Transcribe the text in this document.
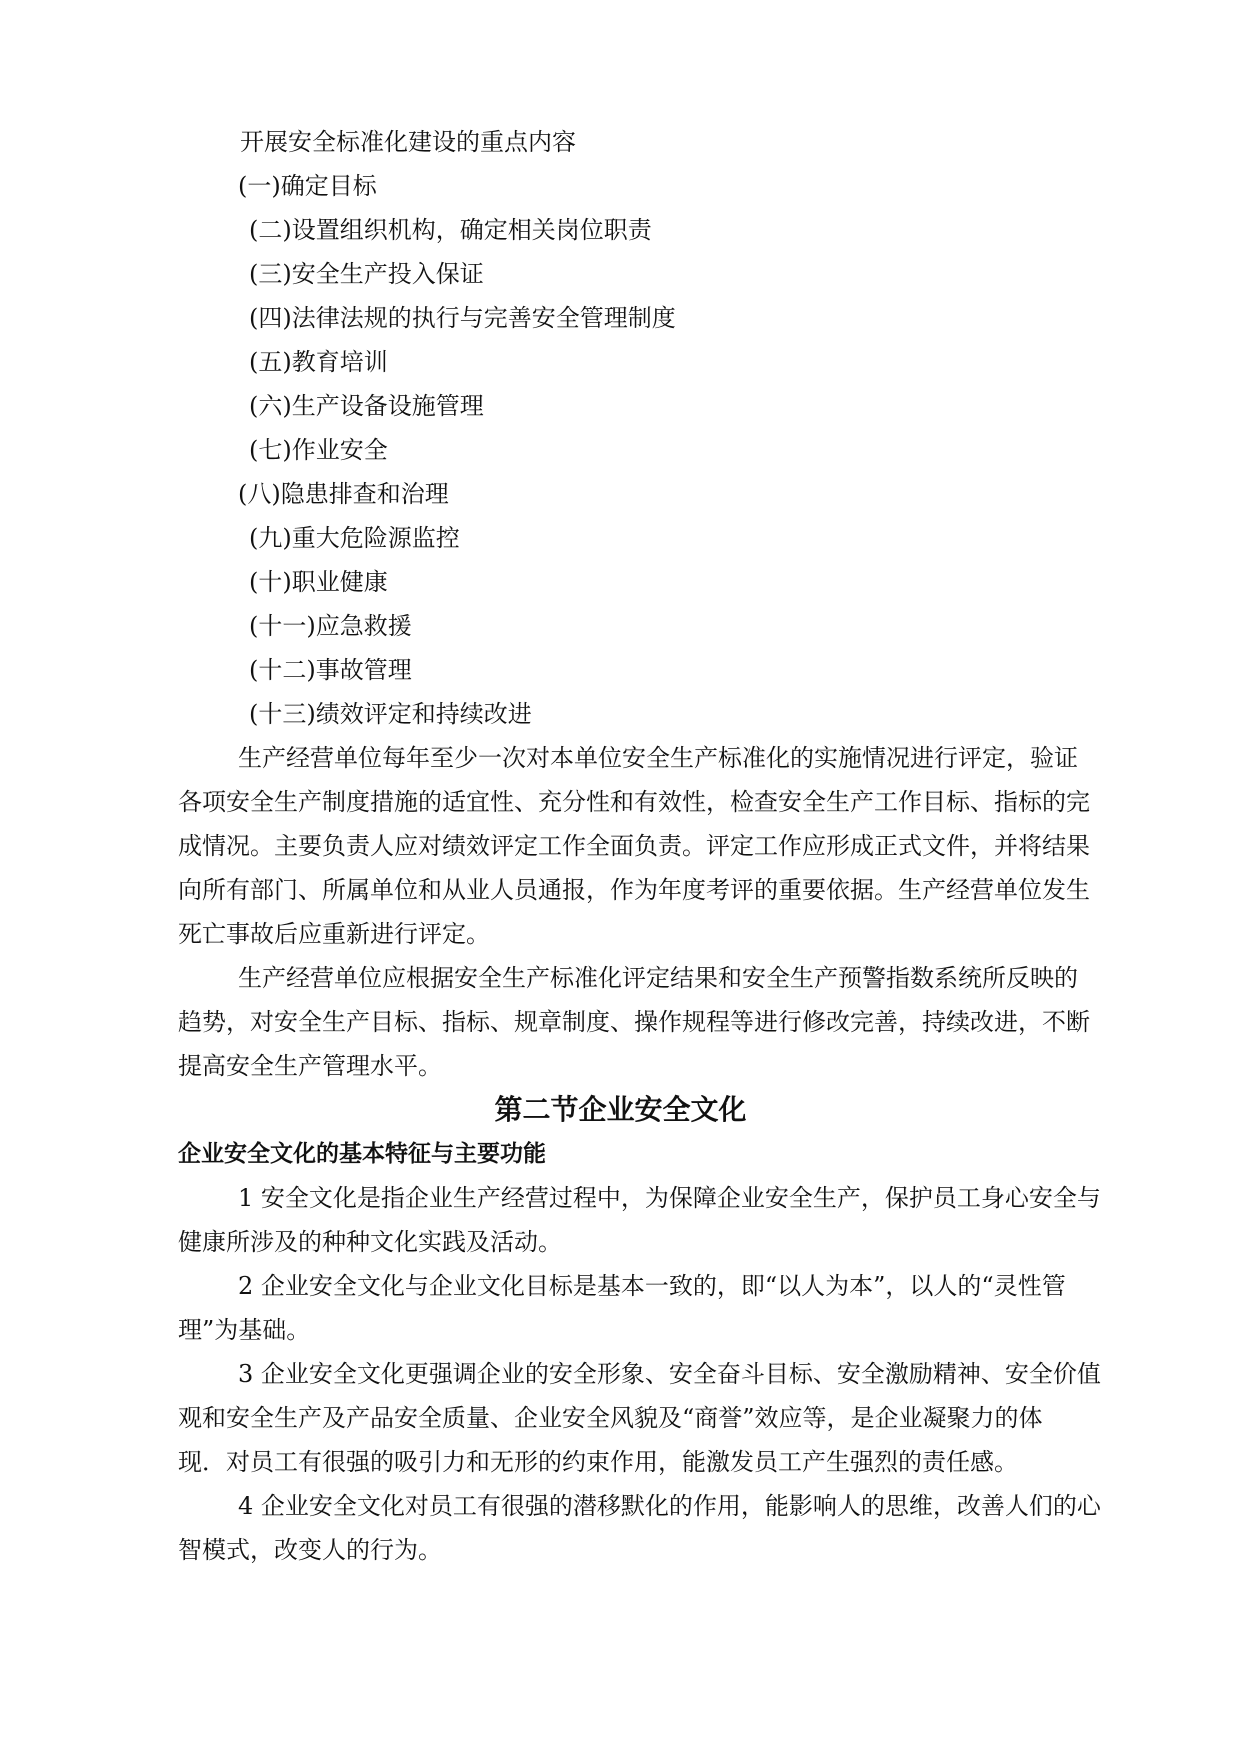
开展安全标准化建设的重点内容
(一)确定目标
(二)设置组织机构，确定相关岗位职责
(三)安全生产投入保证
(四)法律法规的执行与完善安全管理制度
(五)教育培训
(六)生产设备设施管理
(七)作业安全
(八)隐患排查和治理
(九)重大危险源监控
(十)职业健康
(十一)应急救援
(十二)事故管理
(十三)绩效评定和持续改进
生产经营单位每年至少一次对本单位安全生产标准化的实施情况进行评定，验证
各项安全生产制度措施的适宜性、充分性和有效性，检查安全生产工作目标、指标的完
成情况。主要负责人应对绩效评定工作全面负责。评定工作应形成正式文件，并将结果
向所有部门、所属单位和从业人员通报，作为年度考评的重要依据。生产经营单位发生
死亡事故后应重新进行评定。
生产经营单位应根据安全生产标准化评定结果和安全生产预警指数系统所反映的
趋势，对安全生产目标、指标、规章制度、操作规程等进行修改完善，持续改进，不断
提高安全生产管理水平。
第二节企业安全文化
企业安全文化的基本特征与主要功能
1 安全文化是指企业生产经营过程中，为保障企业安全生产，保护员工身心安全与
健康所涉及的种种文化实践及活动。
2 企业安全文化与企业文化目标是基本一致的，即“以人为本”，以人的“灵性管
理”为基础。
3 企业安全文化更强调企业的安全形象、安全奋斗目标、安全激励精神、安全价值
观和安全生产及产品安全质量、企业安全风貌及“商誉”效应等，是企业凝聚力的体
现．对员工有很强的吸引力和无形的约束作用，能激发员工产生强烈的责任感。
4 企业安全文化对员工有很强的潜移默化的作用，能影响人的思维，改善人们的心
智模式，改变人的行为。
